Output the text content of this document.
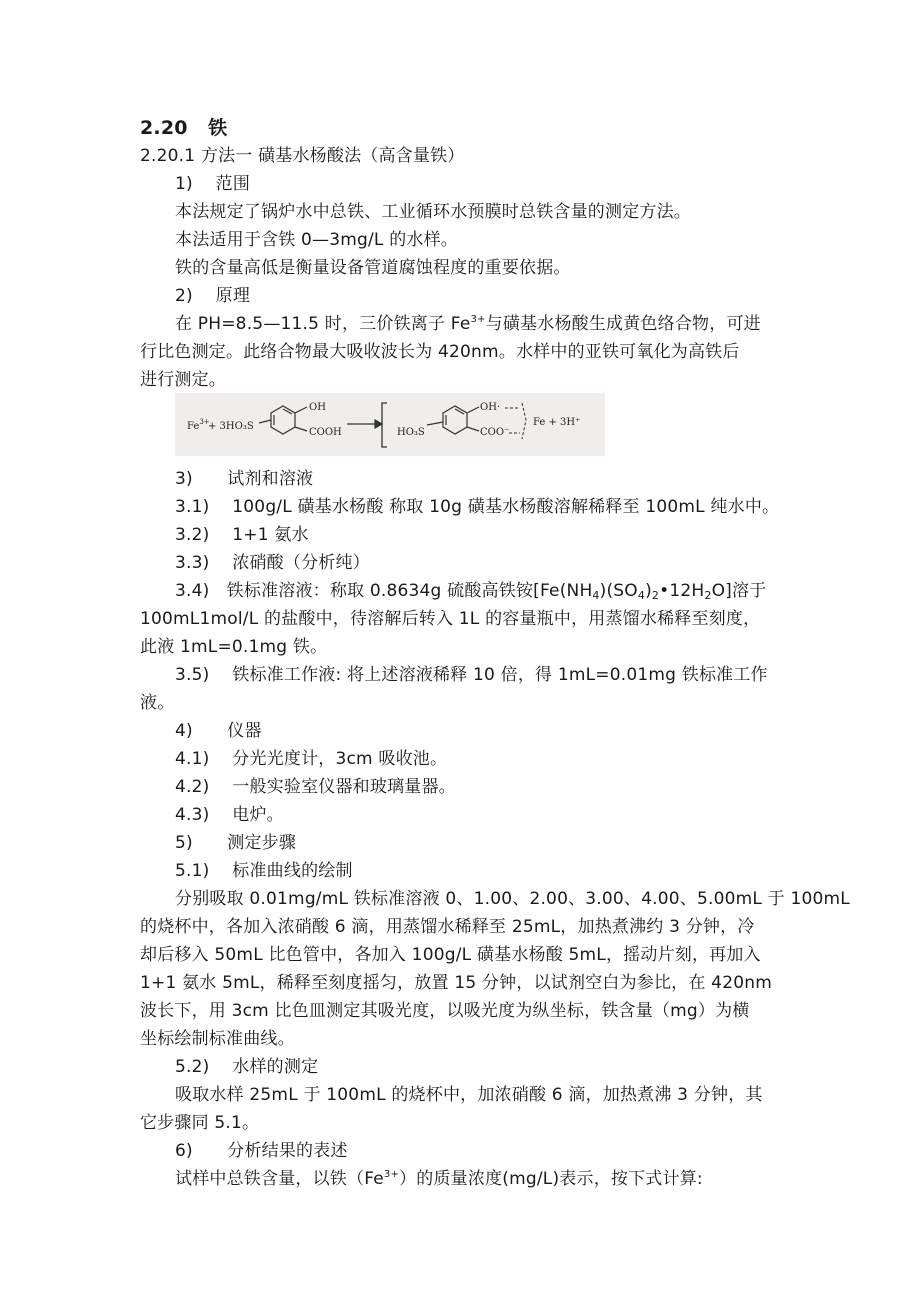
2.20 铁
2.20.1 方法一 磺基水杨酸法（高含量铁）
1)　 范围
本法规定了锅炉水中总铁、工业循环水预膜时总铁含量的测定方法。
本法适用于含铁 0—3mg/L 的水样。
铁的含量高低是衡量设备管道腐蚀程度的重要依据。
2)　 原理
在 PH=8.5—11.5 时，三价铁离子 $Fe^{3+}$与磺基水杨酸生成黄色络合物，可进
行比色测定。此络合物最大吸收波长为 420nm。水样中的亚铁可氧化为高铁后
进行测定。
$Fe^{3+}$
+ 3HO₃S
OH
COOH	HO₃S
OH·
COO⁻
Fe + 3H⁺
3)　　试剂和溶液
3.1)　 100g/L 磺基水杨酸 称取 10g 磺基水杨酸溶解稀释至 100mL 纯水中。
3.2)　 1+1 氨水
3.3)　 浓硝酸（分析纯）
3.4)　铁标准溶液：称取 0.8634g 硫酸高铁铵$[Fe(NH_4)(SO_4)_2•12H_2O]$溶于
100mL1mol/L 的盐酸中，待溶解后转入 1L 的容量瓶中，用蒸馏水稀释至刻度，
此液 1mL=0.1mg 铁。
3.5)　 铁标准工作液: 将上述溶液稀释 10 倍，得 1mL=0.01mg 铁标准工作
液。
4)　　仪器
4.1)　 分光光度计，3cm 吸收池。
4.2)　 一般实验室仪器和玻璃量器。
4.3)　 电炉。
5)　　测定步骤
5.1)　 标准曲线的绘制
分别吸取 0.01mg/mL 铁标准溶液 0、1.00、2.00、3.00、4.00、5.00mL 于 100mL
的烧杯中，各加入浓硝酸 6 滴，用蒸馏水稀释至 25mL，加热煮沸约 3 分钟，冷
却后移入 50mL 比色管中，各加入 100g/L 磺基水杨酸 5mL，摇动片刻，再加入
1+1 氨水 5mL，稀释至刻度摇匀，放置 15 分钟，以试剂空白为参比，在 420nm
波长下，用 3cm 比色皿测定其吸光度，以吸光度为纵坐标，铁含量（mg）为横
坐标绘制标准曲线。
5.2)　 水样的测定
吸取水样 25mL 于 100mL 的烧杯中，加浓硝酸 6 滴，加热煮沸 3 分钟，其
它步骤同 5.1。
6)　　分析结果的表述
试样中总铁含量，以铁$(Fe^{3+})$的质量浓度(mg/L)表示，按下式计算:
